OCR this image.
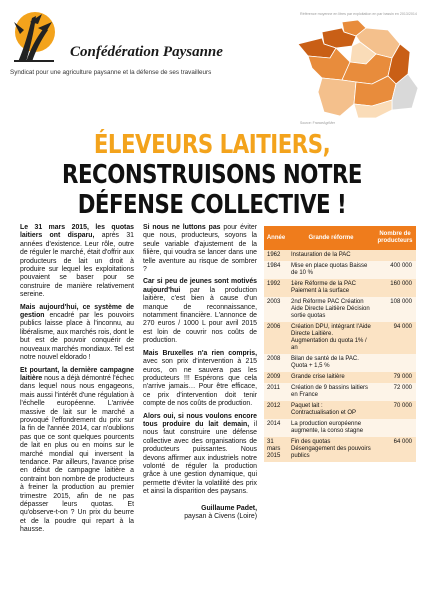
Confédération Paysanne
Syndicat pour une agriculture paysanne et la défense de ses travailleurs
Référence moyenne en litres par exploitation en par bassin en 2013/2014
Source: FranceAgriMer
ÉLEVEURS LAITIERS,
RECONSTRUISONS NOTRE
DÉFENSE COLLECTIVE !

Le 31 mars 2015, les quotas laitiers ont disparu, après 31 années d'existence. Leur rôle, outre de réguler le marché, était d'offrir aux producteurs de lait un droit à produire sur lequel les exploitations pouvaient se baser pour se construire de manière relativement sereine.

Mais aujourd'hui, ce système de gestion encadré par les pouvoirs publics laisse place à l'inconnu, au libéralisme, aux marchés rois, dont le but est de pouvoir conquérir de nouveaux marchés mondiaux. Tel est notre nouvel eldorado !

Et pourtant, la dernière campagne laitière nous a déjà démontré l'échec dans lequel nous nous engageons, mais aussi l'intérêt d'une régulation à l'échelle européenne. L'arrivée massive de lait sur le marché a provoqué l'effondrement du prix sur la fin de l'année 2014, car n'oublions pas que ce sont quelques pourcents de lait en plus ou en moins sur le marché mondial qui inversent la tendance. Par ailleurs, l'avance prise en début de campagne laitière a contraint bon nombre de producteurs à freiner la production au premier trimestre 2015, afin de ne pas dépasser leurs quotas. Et qu'observe-t-on ? Un prix du beurre et de la poudre qui repart à la hausse.

Si nous ne luttons pas pour éviter que nous, producteurs, soyons la seule variable d'ajustement de la filière, qui voudra se lancer dans une telle aventure au risque de sombrer ?

Car si peu de jeunes sont motivés aujourd'hui par la production laitière, c'est bien à cause d'un manque de reconnaissance, notamment financière. L'annonce de 270 euros / 1000 L pour avril 2015 est loin de couvrir nos coûts de production.

Mais Bruxelles n'a rien compris, avec son prix d'intervention à 215 euros, on ne sauvera pas les producteurs !!! Espérons que cela n'arrive jamais… Pour être efficace, ce prix d'intervention doit tenir compte de nos coûts de production.

Alors oui, si nous voulons encore tous produire du lait demain, il nous faut construire une défense collective avec des organisations de producteurs puissantes. Nous devons affirmer aux industriels notre volonté de réguler la production grâce à une gestion dynamique, qui permette d'éviter la volatilité des prix et ainsi la disparition des paysans.

Guillaume Padet,
paysan à Civens (Loire)
Année	Grande réforme	Nombre de producteurs
1962	Instauration de la PAC	
1984	Mise en place quotas Baisse de 10 %	400 000
1992	1ère Réforme de la PAC Paiement à la surface	160 000
2003	2nd Réforme PAC Création Aide Directe Laitière Décision sortie quotas	108 000
2006	Création DPU, intégrant l'Aide Directe Laitière. Augmentation du quota 1% / an	94 000
2008	Bilan de santé de la PAC. Quota + 1,5 %	
2009	Grande crise laitière	79 000
2011	Création de 9 bassins laitiers en France	72 000
2012	Paquet lait : Contractualisation et OP	70 000
2014	La production européenne augmente, la conso stagne	
31 mars 2015	Fin des quotas Désengagement des pouvoirs publics	64 000
